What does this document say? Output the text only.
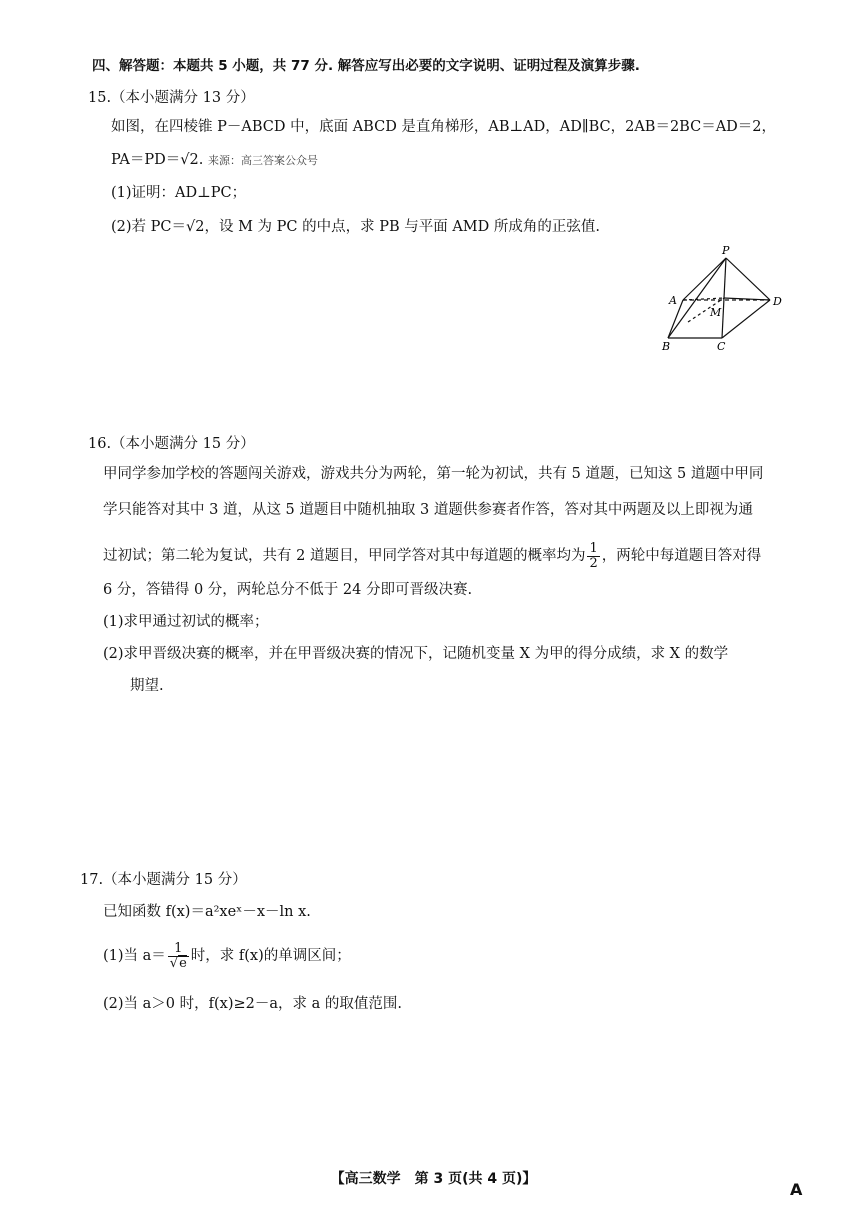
四、解答题：本题共 5 小题，共 77 分. 解答应写出必要的文字说明、证明过程及演算步骤.
15.（本小题满分 13 分）
如图，在四棱锥 P－ABCD 中，底面 ABCD 是直角梯形，AB⊥AD，AD∥BC，2AB＝2BC＝AD＝2，
PA＝PD＝√2. 来源：高三答案公众号
(1)证明：AD⊥PC；
(2)若 PC＝√2，设 M 为 PC 的中点，求 PB 与平面 AMD 所成角的正弦值.
P
A	D
M
B	C
16.（本小题满分 15 分）
甲同学参加学校的答题闯关游戏，游戏共分为两轮，第一轮为初试，共有 5 道题，已知这 5 道题中甲同
学只能答对其中 3 道，从这 5 道题目中随机抽取 3 道题供参赛者作答，答对其中两题及以上即视为通
过初试；第二轮为复试，共有 2 道题目，甲同学答对其中每道题的概率均为 $\frac{1}{2}$ ，两轮中每道题目答对得
6 分，答错得 0 分，两轮总分不低于 24 分即可晋级决赛.
(1)求甲通过初试的概率；
(2)求甲晋级决赛的概率，并在甲晋级决赛的情况下，记随机变量 X 为甲的得分成绩，求 X 的数学
期望.
17.（本小题满分 15 分）
已知函数 f(x)＝a²xeˣ－x－ln x.
(1)当 $a= \frac{1}{√e}$ 时，求 f(x)的单调区间；
(2)当 a＞0 时，f(x)≥2－a，求 a 的取值范围.
【高三数学　第 3 页(共 4 页)】
A
